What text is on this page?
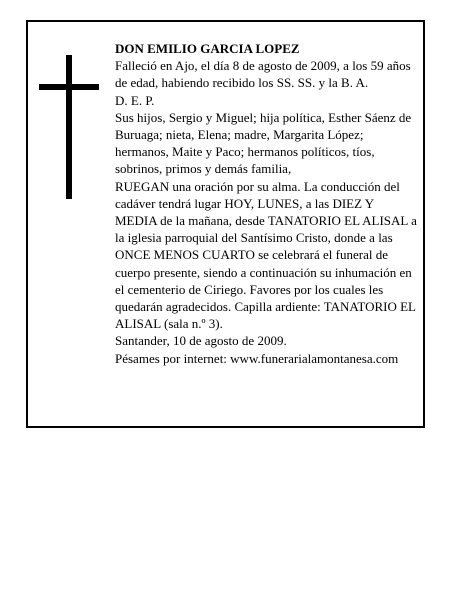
DON EMILIO GARCIA LOPEZ

Falleció en Ajo, el día 8 de agosto de 2009, a los 59 años

de edad, habiendo recibido los SS. SS. y la B. A.

D. E. P.

Sus hijos, Sergio y Miguel; hija política, Esther Sáenz de Buruaga; nieta, Elena; madre, Margarita López; hermanos, Maite y Paco; hermanos políticos, tíos, sobrinos, primos y demás familia,

RUEGAN una oración por su alma. La conducción del cadáver tendrá lugar HOY, LUNES, a las DIEZ Y MEDIA de la mañana, desde TANATORIO EL ALISAL a la iglesia parroquial del Santísimo Cristo, donde a las ONCE MENOS CUARTO se celebrará el funeral de cuerpo presente, siendo a continuación su inhumación en el cementerio de Ciriego. Favores por los cuales les quedarán agradecidos. Capilla ardiente: TANATORIO EL ALISAL (sala n.º 3).

Santander, 10 de agosto de 2009.

Pésames por internet: www.funerarialamontanesa.com
